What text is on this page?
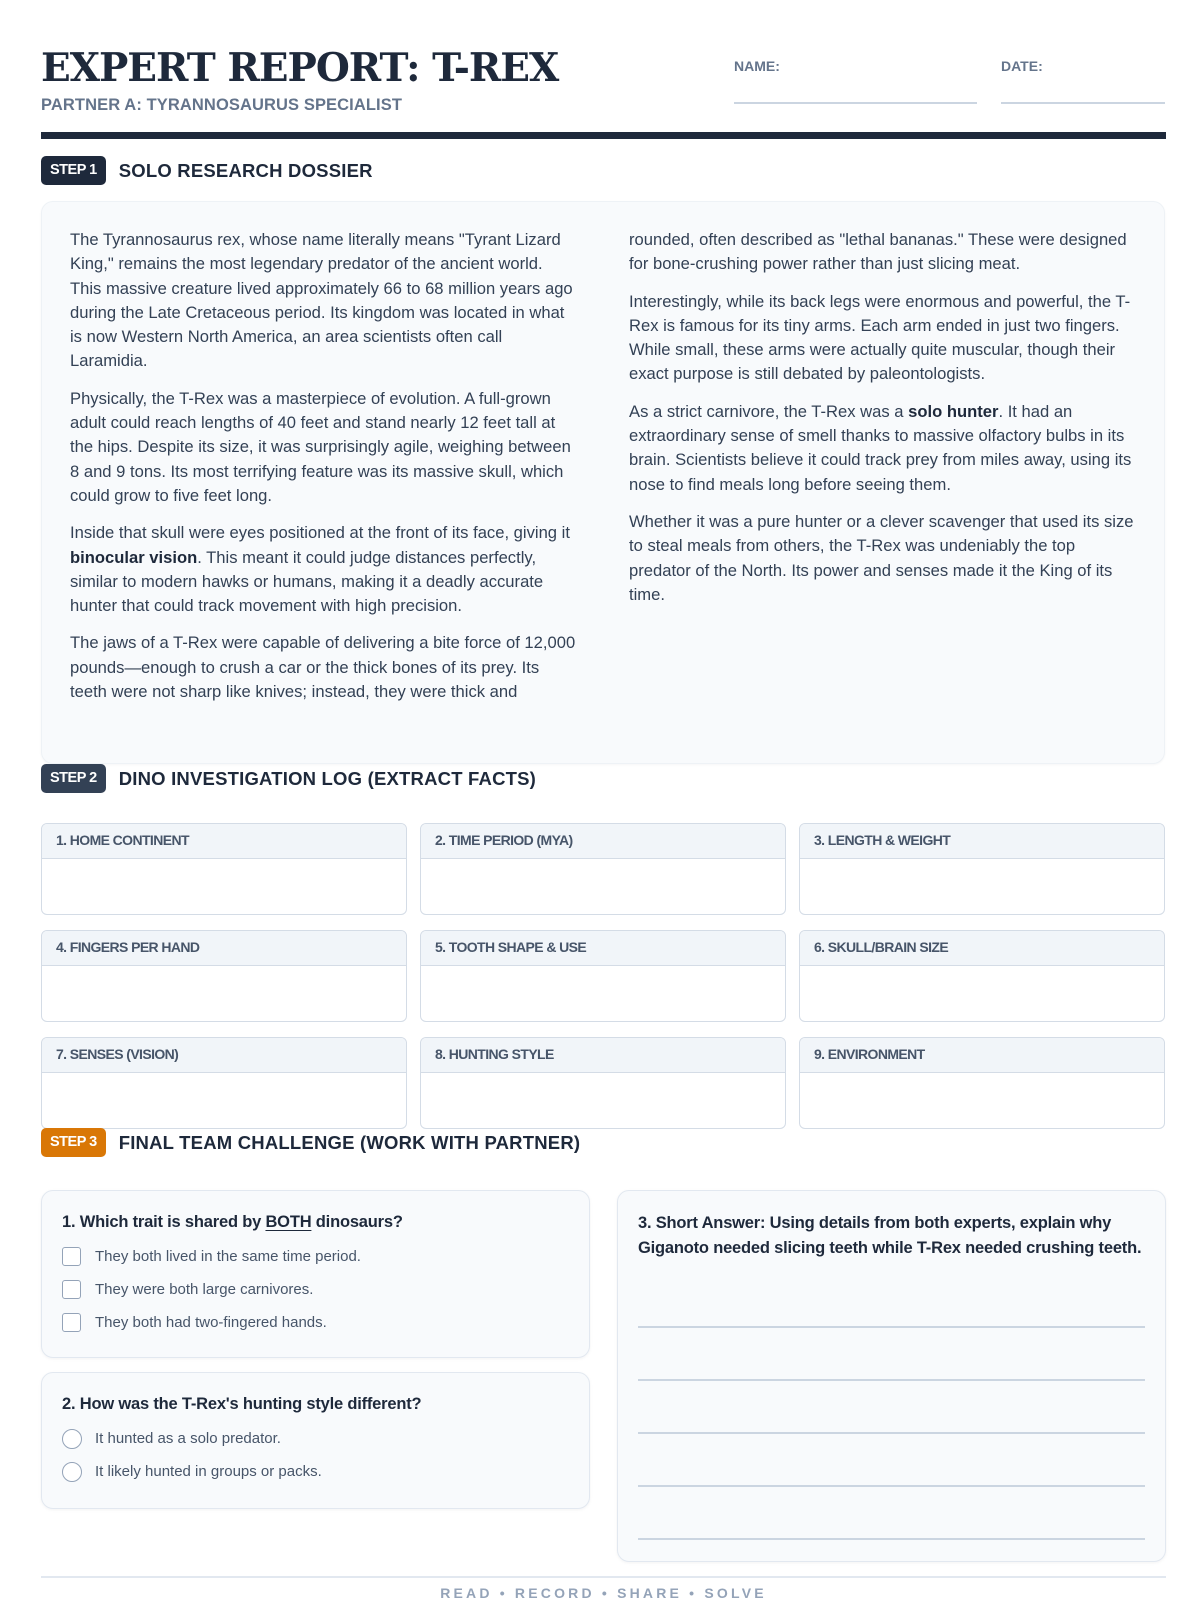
EXPERT REPORT: T-REX
PARTNER A: TYRANNOSAURUS SPECIALIST
NAME:	DATE:
STEP 1	SOLO RESEARCH DOSSIER

The Tyrannosaurus rex, whose name literally means "Tyrant Lizard King," remains the most legendary predator of the ancient world. This massive creature lived approximately 66 to 68 million years ago during the Late Cretaceous period. Its kingdom was located in what is now Western North America, an area scientists often call Laramidia.

Physically, the T-Rex was a masterpiece of evolution. A full-grown adult could reach lengths of 40 feet and stand nearly 12 feet tall at the hips. Despite its size, it was surprisingly agile, weighing between 8 and 9 tons. Its most terrifying feature was its massive skull, which could grow to five feet long.

Inside that skull were eyes positioned at the front of its face, giving it binocular vision. This meant it could judge distances perfectly, similar to modern hawks or humans, making it a deadly accurate hunter that could track movement with high precision.

The jaws of a T-Rex were capable of delivering a bite force of 12,000 pounds—enough to crush a car or the thick bones of its prey. Its teeth were not sharp like knives; instead, they were thick and rounded, often described as "lethal bananas." These were designed for bone-crushing power rather than just slicing meat.

Interestingly, while its back legs were enormous and powerful, the T-Rex is famous for its tiny arms. Each arm ended in just two fingers. While small, these arms were actually quite muscular, though their exact purpose is still debated by paleontologists.

As a strict carnivore, the T-Rex was a solo hunter. It had an extraordinary sense of smell thanks to massive olfactory bulbs in its brain. Scientists believe it could track prey from miles away, using its nose to find meals long before seeing them.

Whether it was a pure hunter or a clever scavenger that used its size to steal meals from others, the T-Rex was undeniably the top predator of the North. Its power and senses made it the King of its time.

STEP 2	DINO INVESTIGATION LOG (EXTRACT FACTS)
1. HOME CONTINENT	2. TIME PERIOD (MYA)	3. LENGTH & WEIGHT
4. FINGERS PER HAND	5. TOOTH SHAPE & USE	6. SKULL/BRAIN SIZE
7. SENSES (VISION)	8. HUNTING STYLE	9. ENVIRONMENT
STEP 3	FINAL TEAM CHALLENGE (WORK WITH PARTNER)
1. Which trait is shared by BOTH dinosaurs?
They both lived in the same time period.
They were both large carnivores.
They both had two-fingered hands.
2. How was the T-Rex's hunting style different?
It hunted as a solo predator.
It likely hunted in groups or packs.
3. Short Answer: Using details from both experts, explain why Giganoto needed slicing teeth while T-Rex needed crushing teeth.
READ • RECORD • SHARE • SOLVE
